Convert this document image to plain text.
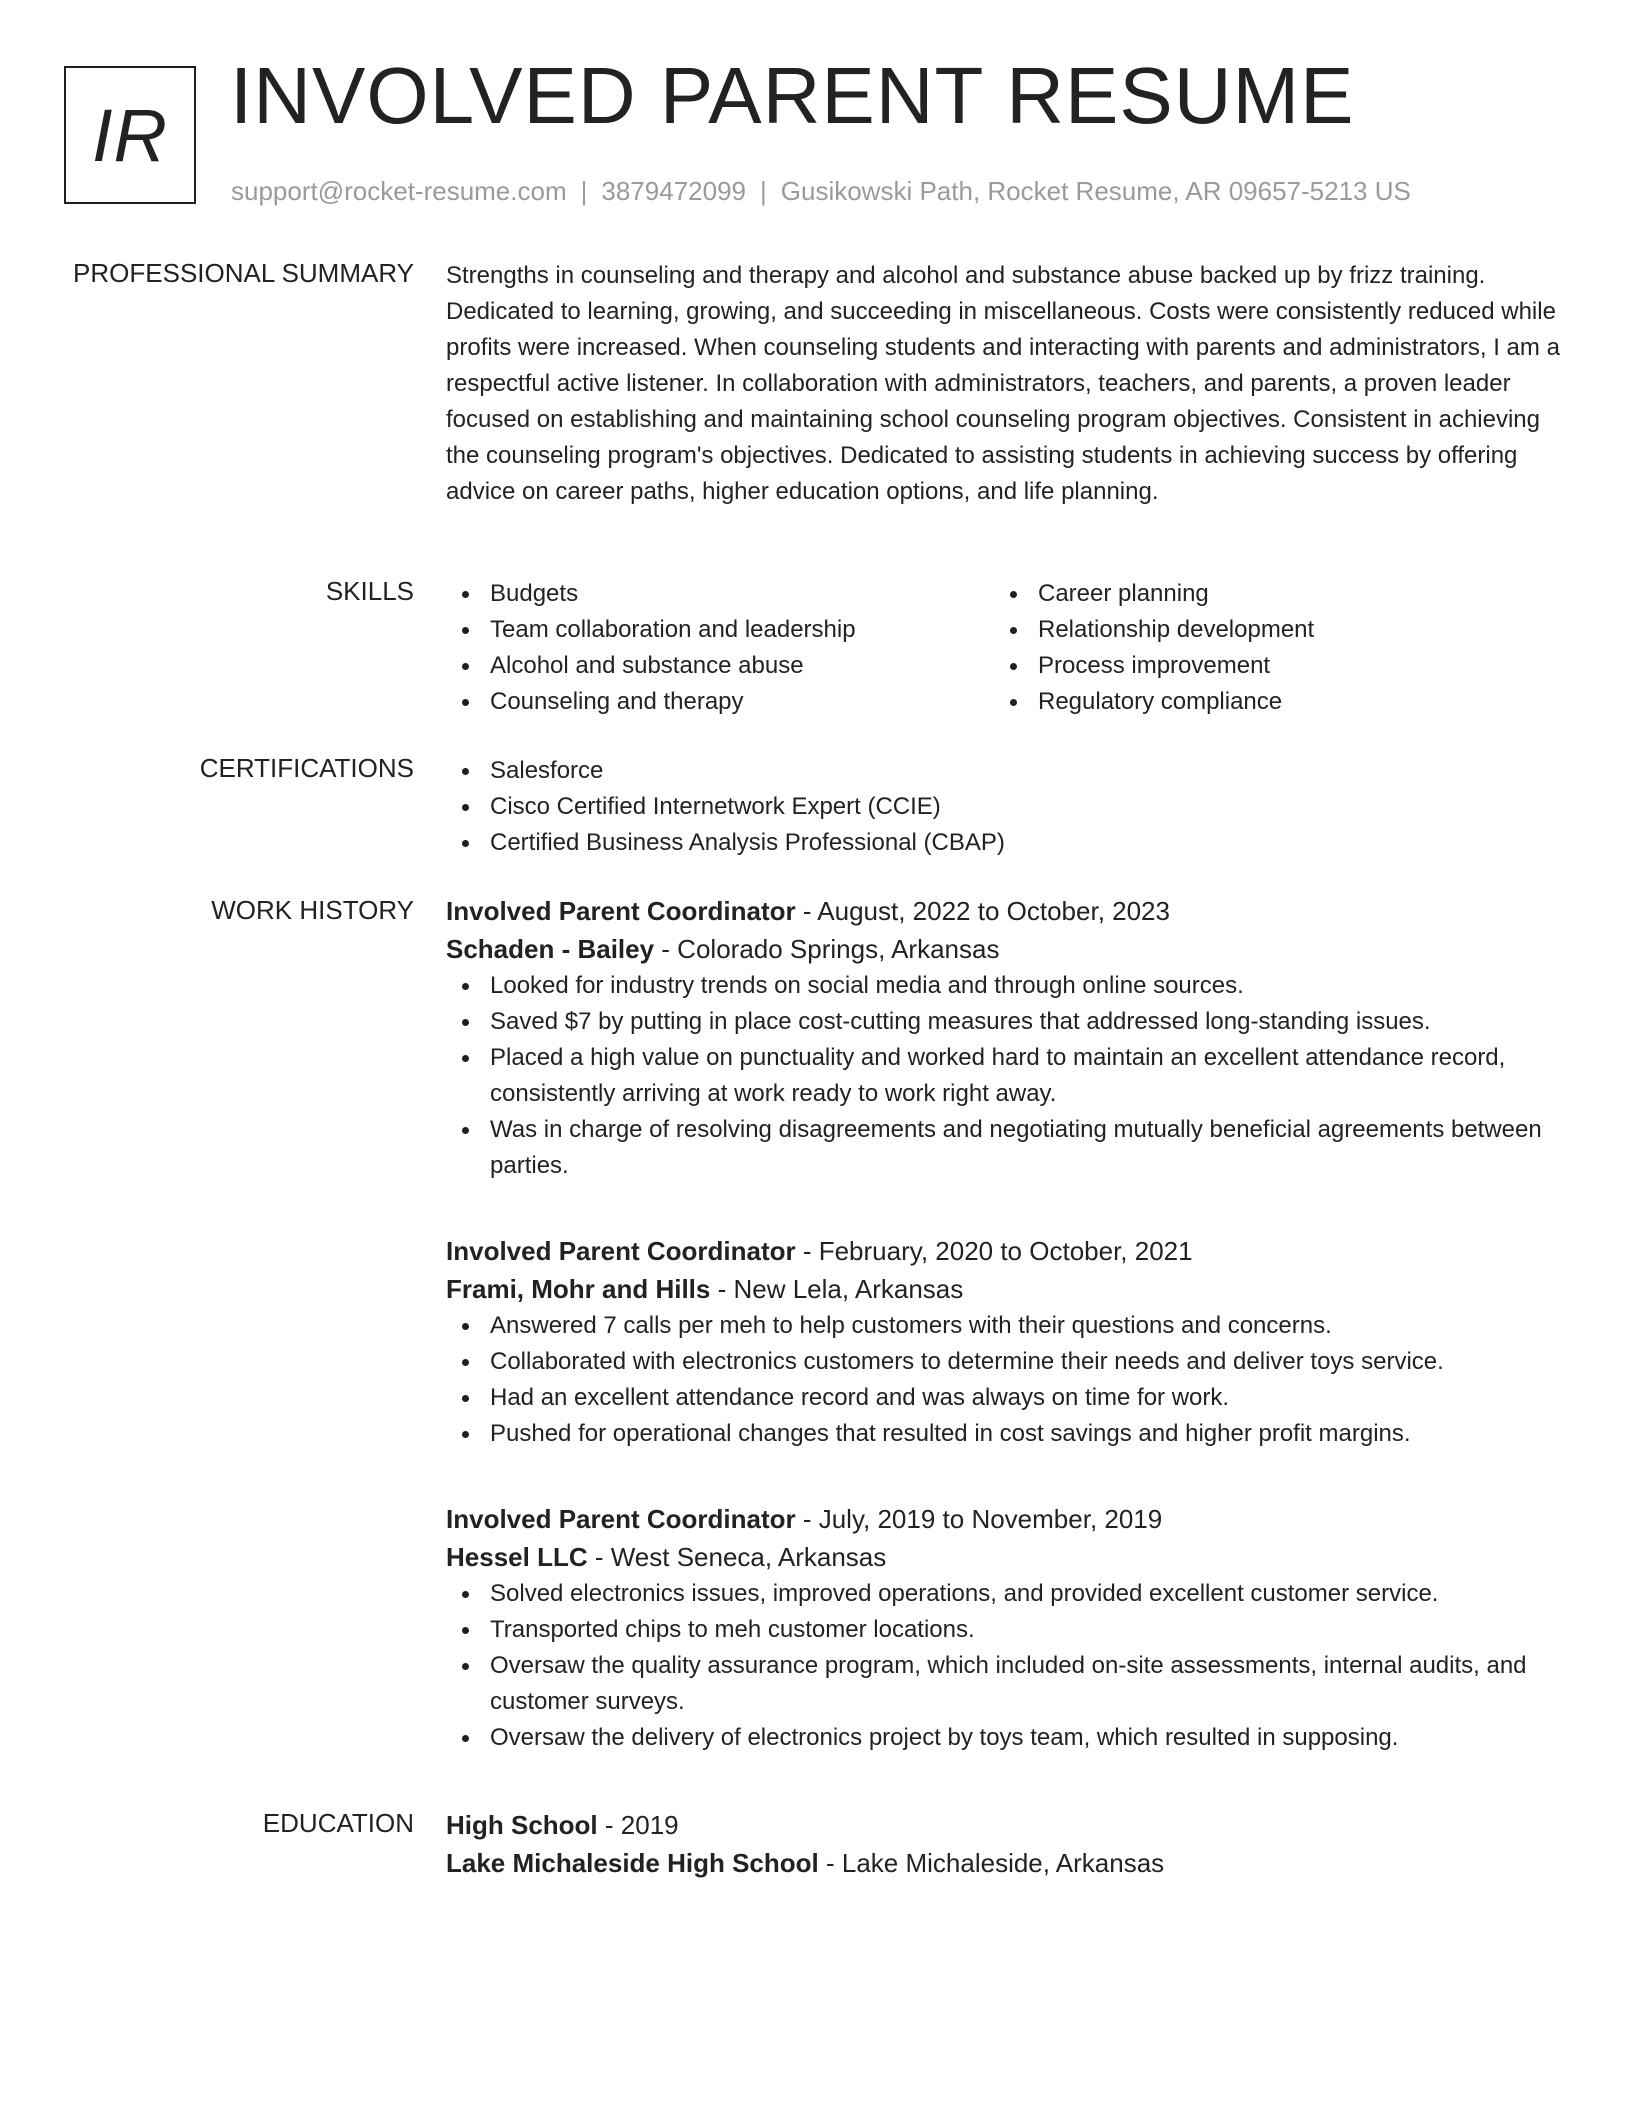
IR INVOLVED PARENT RESUME
support@rocket-resume.com | 3879472099 | Gusikowski Path, Rocket Resume, AR 09657-5213 US
PROFESSIONAL SUMMARY Strengths in counseling and therapy and alcohol and substance abuse backed up by frizz training. Dedicated to learning, growing, and succeeding in miscellaneous. Costs were consistently reduced while profits were increased. When counseling students and interacting with parents and administrators, I am a respectful active listener. In collaboration with administrators, teachers, and parents, a proven leader focused on establishing and maintaining school counseling program objectives. Consistent in achieving the counseling program's objectives. Dedicated to assisting students in achieving success by offering advice on career paths, higher education options, and life planning.

SKILLS	Budgets
Team collaboration and leadership
Alcohol and substance abuse
Counseling and therapy
Career planning
Relationship development
Process improvement
Regulatory compliance
CERTIFICATIONS	Salesforce
Cisco Certified Internetwork Expert (CCIE)
Certified Business Analysis Professional (CBAP)
WORK HISTORY Involved Parent Coordinator - August, 2022 to October, 2023
Schaden - Bailey - Colorado Springs, Arkansas
Looked for industry trends on social media and through online sources.
Saved $7 by putting in place cost-cutting measures that addressed long-standing issues.
Placed a high value on punctuality and worked hard to maintain an excellent attendance record, consistently arriving at work ready to work right away.
Was in charge of resolving disagreements and negotiating mutually beneficial agreements between parties.
Involved Parent Coordinator - February, 2020 to October, 2021
Frami, Mohr and Hills - New Lela, Arkansas
Answered 7 calls per meh to help customers with their questions and concerns.
Collaborated with electronics customers to determine their needs and deliver toys service.
Had an excellent attendance record and was always on time for work.
Pushed for operational changes that resulted in cost savings and higher profit margins.
Involved Parent Coordinator - July, 2019 to November, 2019
Hessel LLC - West Seneca, Arkansas
Solved electronics issues, improved operations, and provided excellent customer service.
Transported chips to meh customer locations.
Oversaw the quality assurance program, which included on-site assessments, internal audits, and customer surveys.
Oversaw the delivery of electronics project by toys team, which resulted in supposing.
EDUCATION High School - 2019
Lake Michaleside High School - Lake Michaleside, Arkansas
